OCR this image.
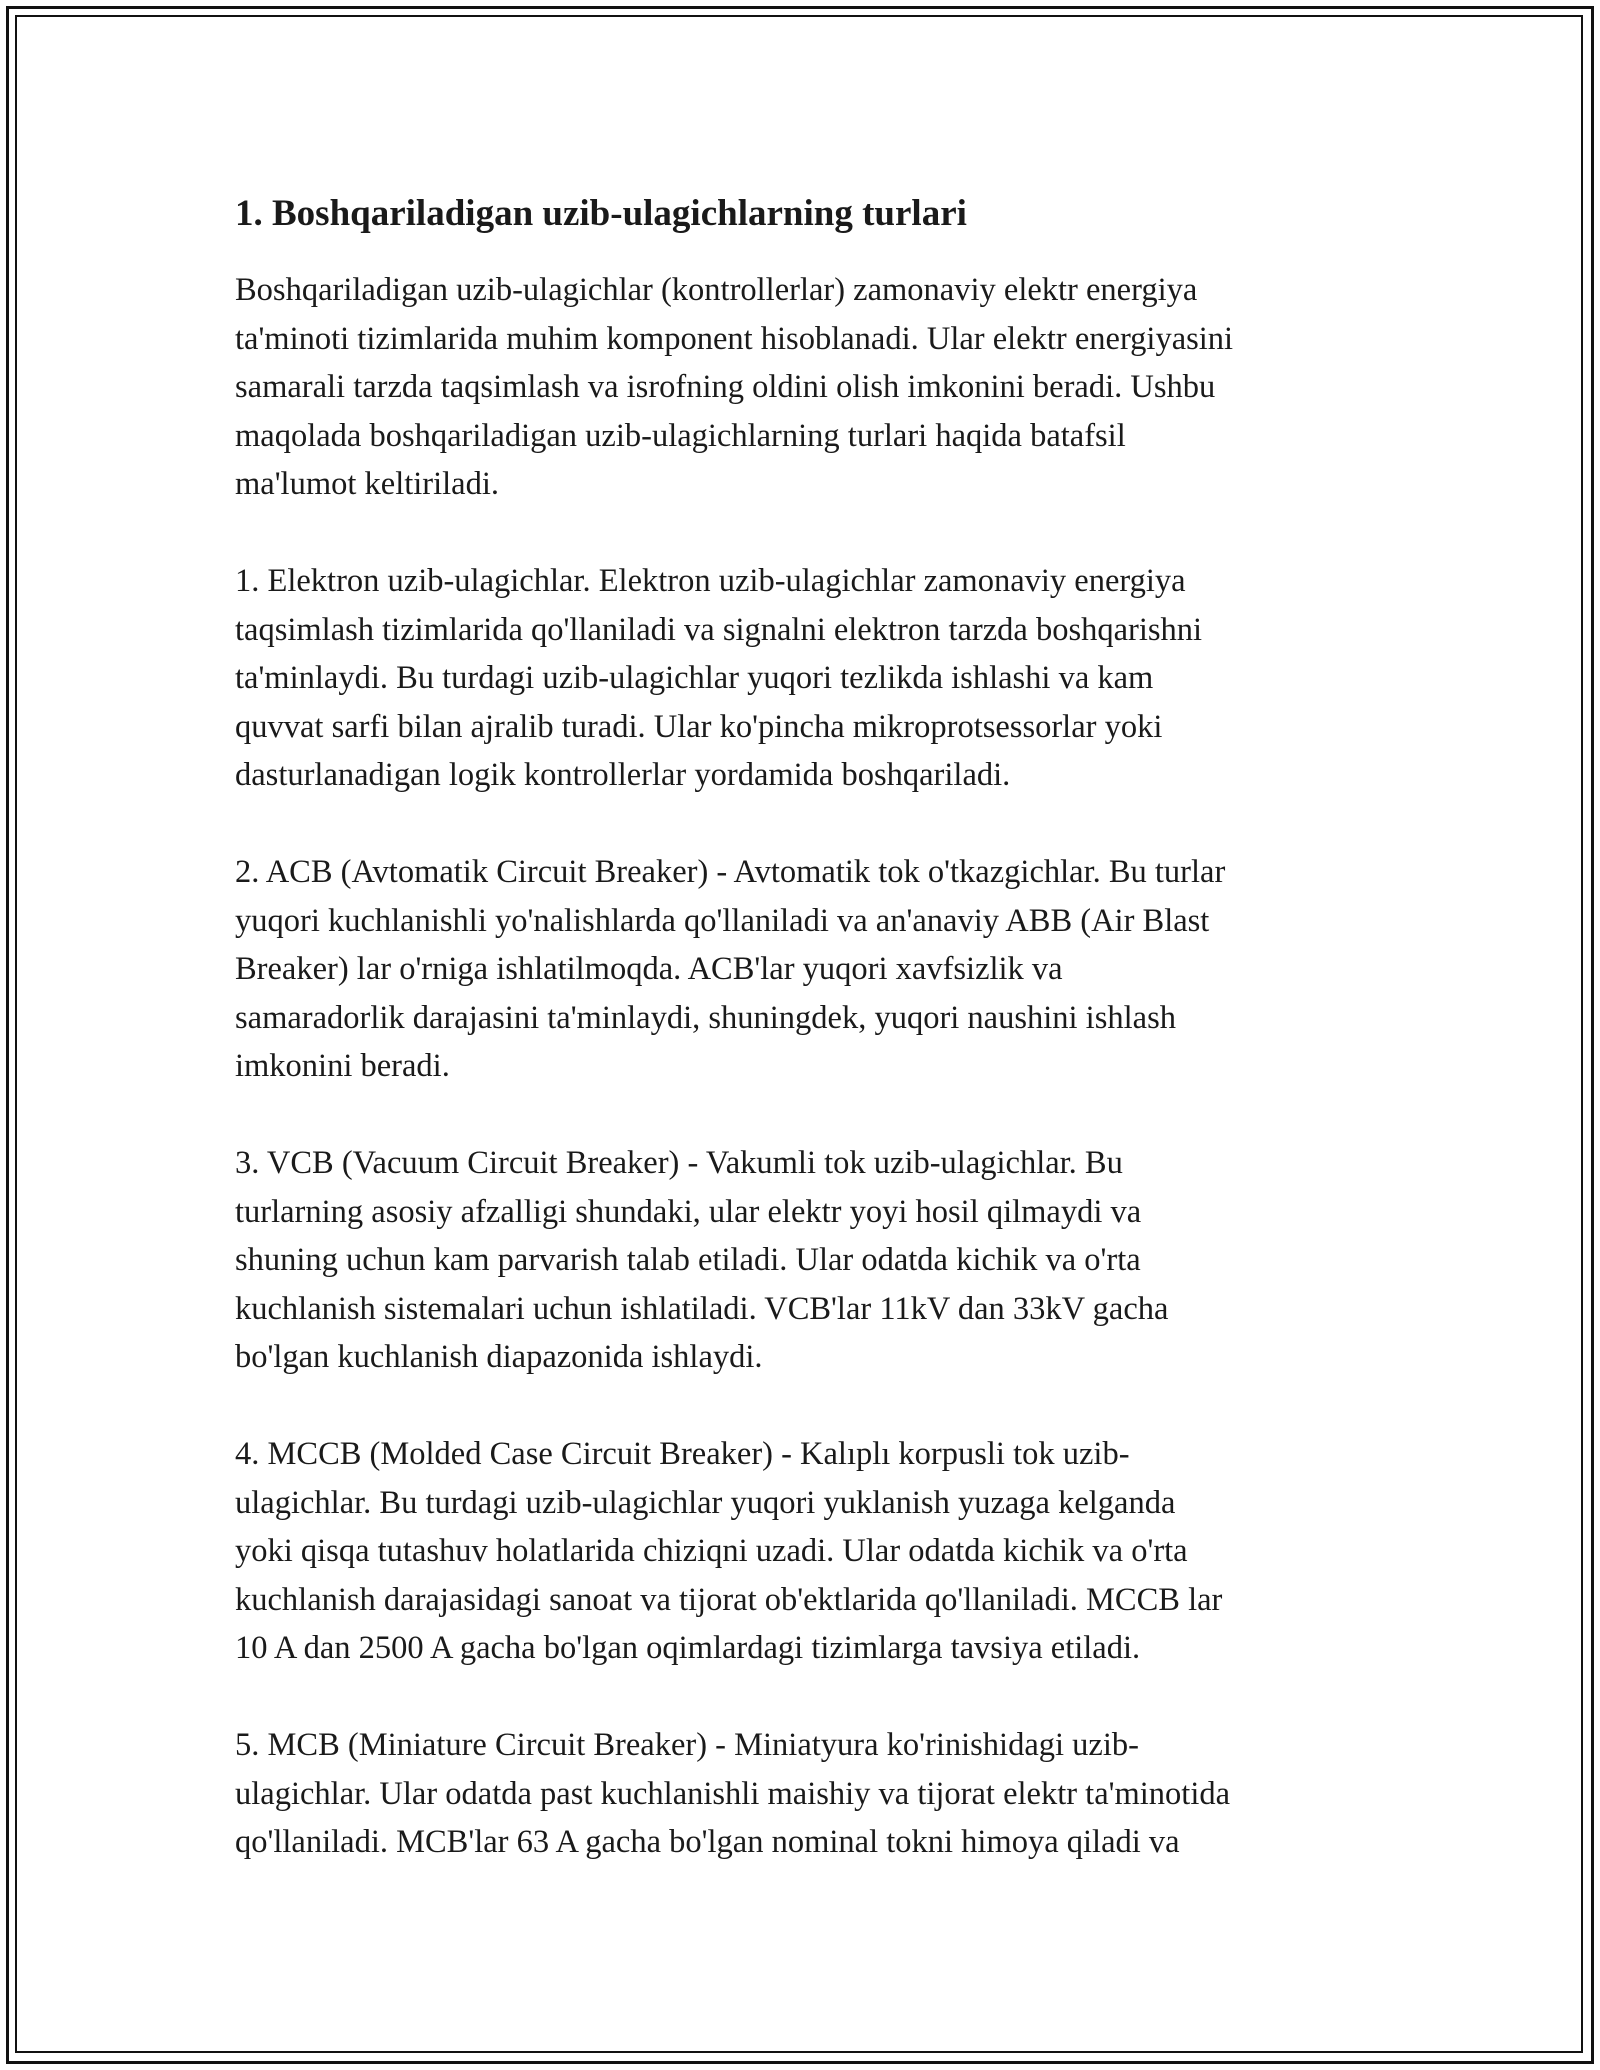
1. Boshqariladigan uzib-ulagichlarning turlari
Boshqariladigan uzib-ulagichlar (kontrollerlar) zamonaviy elektr energiya
ta'minoti tizimlarida muhim komponent hisoblanadi. Ular elektr energiyasini
samarali tarzda taqsimlash va isrofning oldini olish imkonini beradi. Ushbu
maqolada boshqariladigan uzib-ulagichlarning turlari haqida batafsil
ma'lumot keltiriladi.
1. Elektron uzib-ulagichlar. Elektron uzib-ulagichlar zamonaviy energiya
taqsimlash tizimlarida qo'llaniladi va signalni elektron tarzda boshqarishni
ta'minlaydi. Bu turdagi uzib-ulagichlar yuqori tezlikda ishlashi va kam
quvvat sarfi bilan ajralib turadi. Ular ko'pincha mikroprotsessorlar yoki
dasturlanadigan logik kontrollerlar yordamida boshqariladi.
2. ACB (Avtomatik Circuit Breaker) - Avtomatik tok o'tkazgichlar. Bu turlar
yuqori kuchlanishli yo'nalishlarda qo'llaniladi va an'anaviy ABB (Air Blast
Breaker) lar o'rniga ishlatilmoqda. ACB'lar yuqori xavfsizlik va
samaradorlik darajasini ta'minlaydi, shuningdek, yuqori naushini ishlash
imkonini beradi.
3. VCB (Vacuum Circuit Breaker) - Vakumli tok uzib-ulagichlar. Bu
turlarning asosiy afzalligi shundaki, ular elektr yoyi hosil qilmaydi va
shuning uchun kam parvarish talab etiladi. Ular odatda kichik va o'rta
kuchlanish sistemalari uchun ishlatiladi. VCB'lar 11kV dan 33kV gacha
bo'lgan kuchlanish diapazonida ishlaydi.
4. MCCB (Molded Case Circuit Breaker) - Kalıplı korpusli tok uzib-
ulagichlar. Bu turdagi uzib-ulagichlar yuqori yuklanish yuzaga kelganda
yoki qisqa tutashuv holatlarida chiziqni uzadi. Ular odatda kichik va o'rta
kuchlanish darajasidagi sanoat va tijorat ob'ektlarida qo'llaniladi. MCCB lar
10 A dan 2500 A gacha bo'lgan oqimlardagi tizimlarga tavsiya etiladi.
5. MCB (Miniature Circuit Breaker) - Miniatyura ko'rinishidagi uzib-
ulagichlar. Ular odatda past kuchlanishli maishiy va tijorat elektr ta'minotida
qo'llaniladi. MCB'lar 63 A gacha bo'lgan nominal tokni himoya qiladi va
